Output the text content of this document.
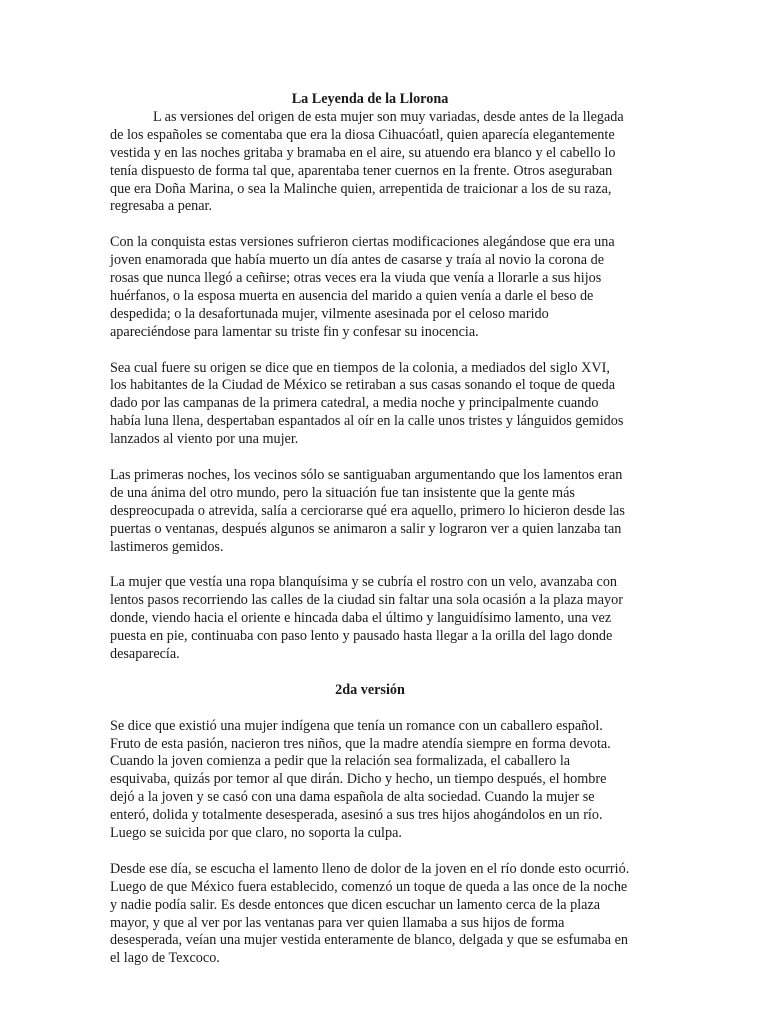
La Leyenda de la Llorona

L as versiones del origen de esta mujer son muy variadas, desde antes de la llegada de los españoles se comentaba que era la diosa Cihuacóatl, quien aparecía elegantemente vestida y en las noches gritaba y bramaba en el aire, su atuendo era blanco y el cabello lo tenía dispuesto de forma tal que, aparentaba tener cuernos en la frente. Otros aseguraban que era Doña Marina, o sea la Malinche quien, arrepentida de traicionar a los de su raza, regresaba a penar.

Con la conquista estas versiones sufrieron ciertas modificaciones alegándose que era una joven enamorada que había muerto un día antes de casarse y traía al novio la corona de rosas que nunca llegó a ceñirse; otras veces era la viuda que venía a llorarle a sus hijos huérfanos, o la esposa muerta en ausencia del marido a quien venía a darle el beso de despedida; o la desafortunada mujer, vilmente asesinada por el celoso marido apareciéndose para lamentar su triste fin y confesar su inocencia.

Sea cual fuere su origen se dice que en tiempos de la colonia, a mediados del siglo XVI, los habitantes de la Ciudad de México se retiraban a sus casas sonando el toque de queda dado por las campanas de la primera catedral, a media noche y principalmente cuando había luna llena, despertaban espantados al oír en la calle unos tristes y lánguidos gemidos lanzados al viento por una mujer.

Las primeras noches, los vecinos sólo se santiguaban argumentando que los lamentos eran de una ánima del otro mundo, pero la situación fue tan insistente que la gente más despreocupada o atrevida, salía a cerciorarse qué era aquello, primero lo hicieron desde las puertas o ventanas, después algunos se animaron a salir y lograron ver a quien lanzaba tan lastimeros gemidos.

La mujer que vestía una ropa blanquísima y se cubría el rostro con un velo, avanzaba con lentos pasos recorriendo las calles de la ciudad sin faltar una sola ocasión a la plaza mayor donde, viendo hacia el oriente e hincada daba el último y languidísimo lamento, una vez puesta en pie, continuaba con paso lento y pausado hasta llegar a la orilla del lago donde desaparecía.

2da versión

Se dice que existió una mujer indígena que tenía un romance con un caballero español. Fruto de esta pasión, nacieron tres niños, que la madre atendía siempre en forma devota. Cuando la joven comienza a pedir que la relación sea formalizada, el caballero la esquivaba, quizás por temor al que dirán. Dicho y hecho, un tiempo después, el hombre dejó a la joven y se casó con una dama española de alta sociedad. Cuando la mujer se enteró, dolida y totalmente desesperada, asesinó a sus tres hijos ahogándolos en un río. Luego se suicida por que claro, no soporta la culpa.

Desde ese día, se escucha el lamento lleno de dolor de la joven en el río donde esto ocurrió. Luego de que México fuera establecido, comenzó un toque de queda a las once de la noche y nadie podía salir. Es desde entonces que dicen escuchar un lamento cerca de la plaza mayor, y que al ver por las ventanas para ver quien llamaba a sus hijos de forma desesperada, veían una mujer vestida enteramente de blanco, delgada y que se esfumaba en el lago de Texcoco.
